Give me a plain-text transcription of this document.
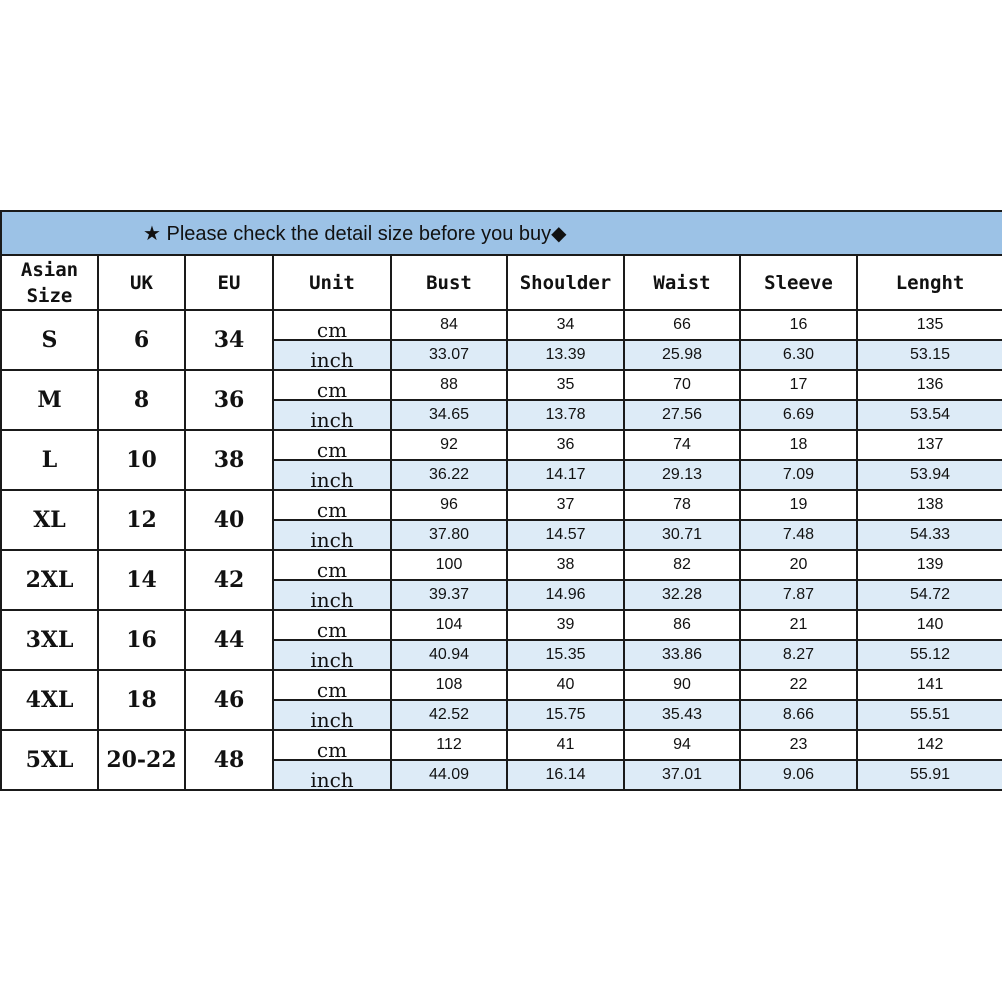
★ Please check the detail size before you buy◆								
Asian Size	UK	EU	Unit	Bust	Shoulder	Waist	Sleeve	Lenght
S	6	34	cm	84	34	66	16	135
			inch	33.07	13.39	25.98	6.30	53.15
M	8	36	cm	88	35	70	17	136
			inch	34.65	13.78	27.56	6.69	53.54
L	10	38	cm	92	36	74	18	137
			inch	36.22	14.17	29.13	7.09	53.94
XL	12	40	cm	96	37	78	19	138
			inch	37.80	14.57	30.71	7.48	54.33
2XL	14	42	cm	100	38	82	20	139
			inch	39.37	14.96	32.28	7.87	54.72
3XL	16	44	cm	104	39	86	21	140
			inch	40.94	15.35	33.86	8.27	55.12
4XL	18	46	cm	108	40	90	22	141
			inch	42.52	15.75	35.43	8.66	55.51
5XL	20-22	48	cm	112	41	94	23	142
			inch	44.09	16.14	37.01	9.06	55.91
